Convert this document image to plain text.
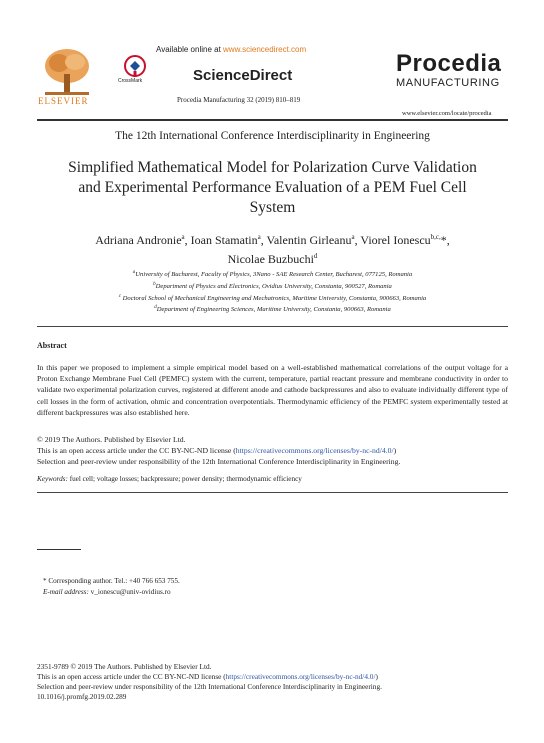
ELSEVIER
Available online at www.sciencedirect.com
CrossMark	ScienceDirect
Procedia Manufacturing 32 (2019) 810–819
Procedia
MANUFACTURING
www.elsevier.com/locate/procedia
The 12th International Conference Interdisciplinarity in Engineering
Simplified Mathematical Model for Polarization Curve Validation
and Experimental Performance Evaluation of a PEM Fuel Cell
System
Adriana Andronie$^a$, Ioan Stamatin$^a$, Valentin Girleanu$^a$, Viorel Ionescu$^{b,c,}$*,
Nicolae Buzbuchi$^d$
$^a$University of Bucharest, Faculty of Physics, 3Nano - SAE Research Center, Bucharest, 077125, Romania
$^b$Department of Physics and Electronics, Ovidius University, Constanta, 900527, Romania
$^c$ Doctoral School of Mechanical Engineering and Mechatronics, Maritime University, Constanta, 900663, Romania
$^d$Department of Engineering Sciences, Maritime University, Constanta, 900663, Romania
Abstract
In this paper we proposed to implement a simple empirical model based on a well-established mathematical correlations of the output voltage for a Proton Exchange Membrane Fuel Cell (PEMFC) system with the current, temperature, partial reactant pressure and membrane conductivity in order to validate two experimental polarization curves, registered at different anode and cathode backpressures and also to evaluate individually different type of cell losses in the form of activation, ohmic and concentration overpotentials. Thermodynamic efficiency of the PEMFC system experimentally tested at different backpressures was also established here.
© 2019 The Authors. Published by Elsevier Ltd.
This is an open access article under the CC BY-NC-ND license (https://creativecommons.org/licenses/by-nc-nd/4.0/)
Selection and peer-review under responsibility of the 12th International Conference Interdisciplinarity in Engineering.
Keywords: fuel cell; voltage losses; backpressure; power density; thermodynamic efficiency
* Corresponding author. Tel.: +40 766 653 755.
E-mail address: v_ionescu@univ-ovidius.ro
2351-9789 © 2019 The Authors. Published by Elsevier Ltd.
This is an open access article under the CC BY-NC-ND license (https://creativecommons.org/licenses/by-nc-nd/4.0/)
Selection and peer-review under responsibility of the 12th International Conference Interdisciplinarity in Engineering.
10.1016/j.promfg.2019.02.289
